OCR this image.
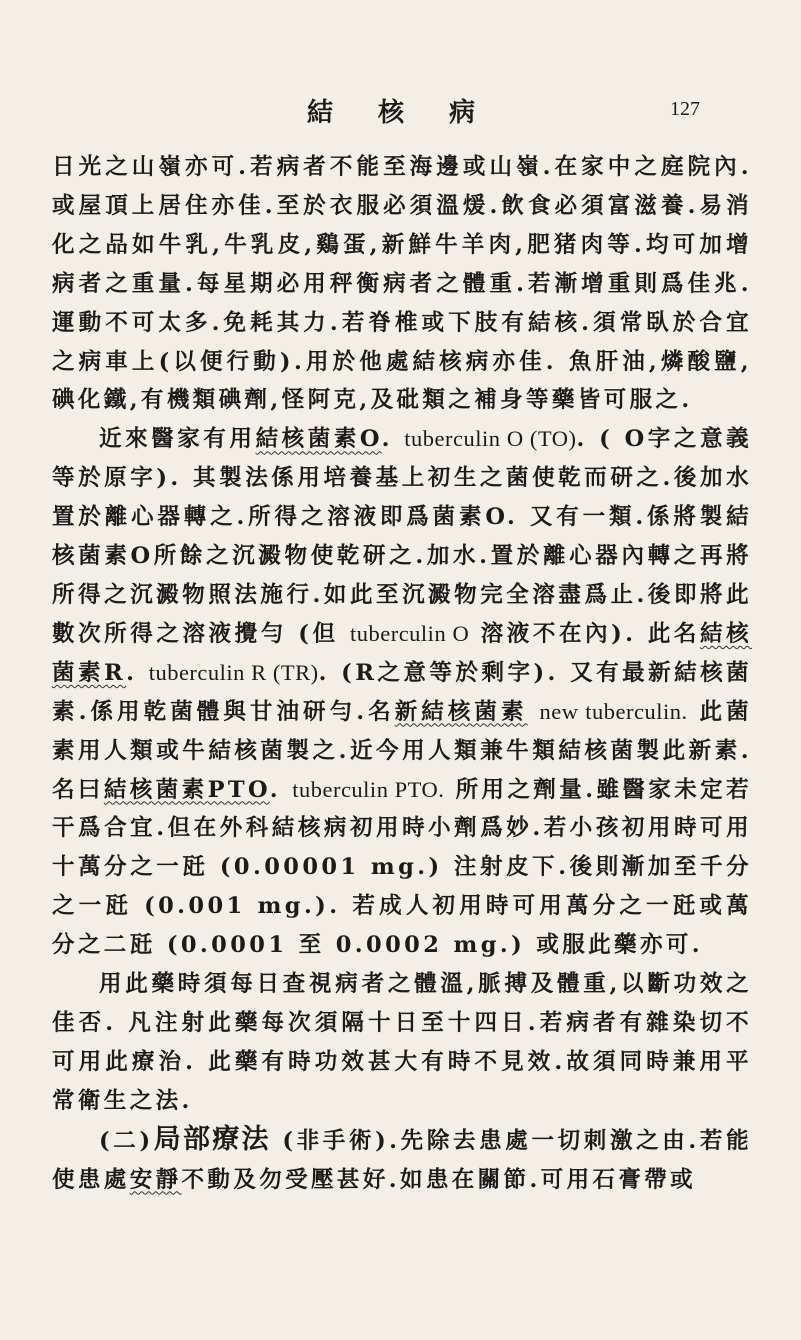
結 核 病	127

日光之山嶺亦可.若病者不能至海邊或山嶺.在家中之庭院內.或屋頂上居住亦佳.至於衣服必須溫煖.飲食必須富滋養.易消化之品如牛乳,牛乳皮,鷄蛋,新鮮牛羊肉,肥猪肉等.均可加增病者之重量.每星期必用秤衡病者之體重.若漸增重則爲佳兆.運動不可太多.免耗其力.若脊椎或下肢有結核.須常臥於合宜之病車上(以便行動).用於他處結核病亦佳. 魚肝油,燐酸鹽,碘化鐵,有機類碘劑,怪阿克,及砒類之補身等藥皆可服之.

近來醫家有用結核菌素O. tuberculin O (TO). ( O字之意義等於原字). 其製法係用培養基上初生之菌使乾而研之.後加水置於離心器轉之.所得之溶液即爲菌素O. 又有一類.係將製結核菌素O所餘之沉澱物使乾研之.加水.置於離心器內轉之再將所得之沉澱物照法施行.如此至沉澱物完全溶盡爲止.後即將此數次所得之溶液攪勻 (但 tuberculin O 溶液不在內). 此名結核菌素R. tuberculin R (TR). (R之意等於剩字). 又有最新結核菌素.係用乾菌體與甘油研勻.名新結核菌素 new tuberculin. 此菌素用人類或牛結核菌製之.近今用人類兼牛類結核菌製此新素.名曰結核菌素PTO. tuberculin PTO. 所用之劑量.雖醫家未定若干爲合宜.但在外科結核病初用時小劑爲妙.若小孩初用時可用十萬分之一瓩 (0.00001 mg.) 注射皮下.後則漸加至千分之一瓩 (0.001 mg.). 若成人初用時可用萬分之一瓩或萬分之二瓩 (0.0001 至 0.0002 mg.) 或服此藥亦可.

用此藥時須每日查視病者之體溫,脈搏及體重,以斷功效之佳否. 凡注射此藥每次須隔十日至十四日.若病者有雜染切不可用此療治. 此藥有時功效甚大有時不見效.故須同時兼用平常衛生之法.

(二)局部療法 (非手術).先除去患處一切刺激之由.若能使患處安靜不動及勿受壓甚好.如患在關節.可用石膏帶或
